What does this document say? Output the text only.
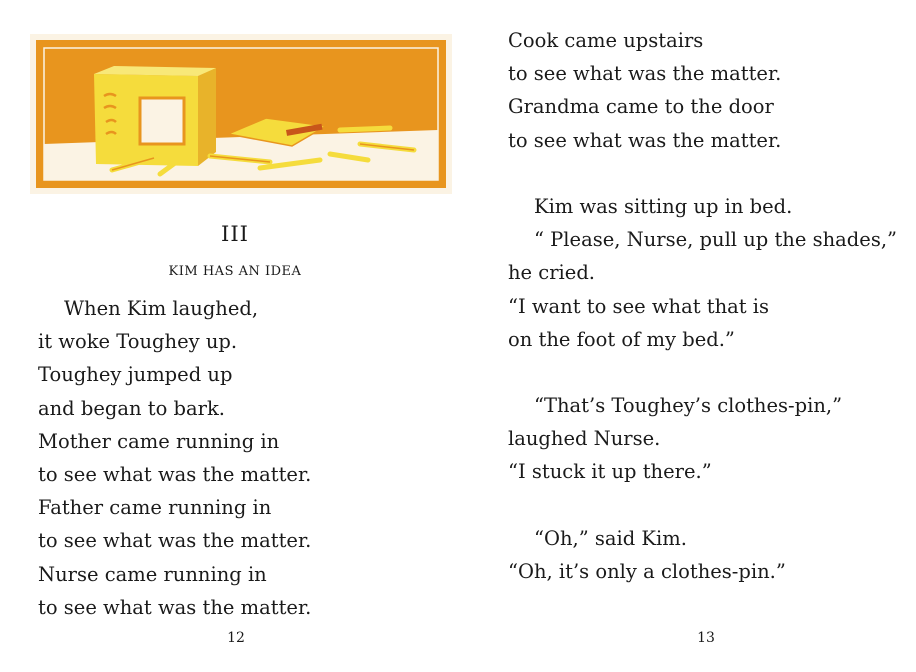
III
KIM HAS AN IDEA
When Kim laughed,
it woke Toughey up.
Toughey jumped up
and began to bark.
Mother came running in
to see what was the matter.
Father came running in
to see what was the matter.
Nurse came running in
to see what was the matter.
12
Cook came upstairs
to see what was the matter.
Grandma came to the door
to see what was the matter.
Kim was sitting up in bed.
“ Please, Nurse, pull up the shades,”
he cried.
“I want to see what that is
on the foot of my bed.”
“That’s Toughey’s clothes-pin,”
laughed Nurse.
“I stuck it up there.”
“Oh,” said Kim.
“Oh, it’s only a clothes-pin.”
13
